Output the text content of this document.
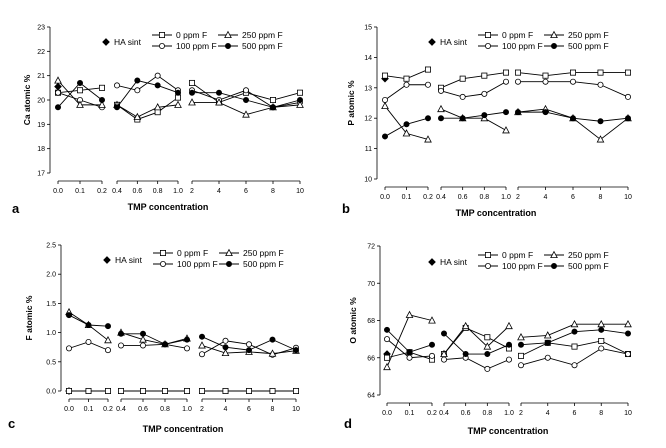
17
18
19
20
21
22
23
Ca atomic %
0.0 0.1 0.2 0.4 0.6 0.8 1.0 2	4	6	8	10
TMP concentration
HA sint
0 ppm F	250 ppm F
100 ppm F	500 ppm F
a
10
11
12
13
14
15
P atomic %
0.0 0.1 0.2 0.4 0.6 0.8 1.0 2	4	6	8	10
TMP concentration
HA sint
0 ppm F	250 ppm F
100 ppm F	500 ppm F
b
0.0
0.5
1.0
1.5
2.0
2.5
F atomic %
0.0 0.1 0.2 0.4 0.6 0.8 1.0 2	4	6	8	10
TMP concentration
HA sint
0 ppm F	250 ppm F
100 ppm F	500 ppm F
c
64
66
68
70
72
O atomic %
0.0 0.1 0.2 0.4 0.6 0.8 1.0 2	4	6	8	10
TMP concentration
HA sint
0 ppm F	250 ppm F
100 ppm F	500 ppm F
d
